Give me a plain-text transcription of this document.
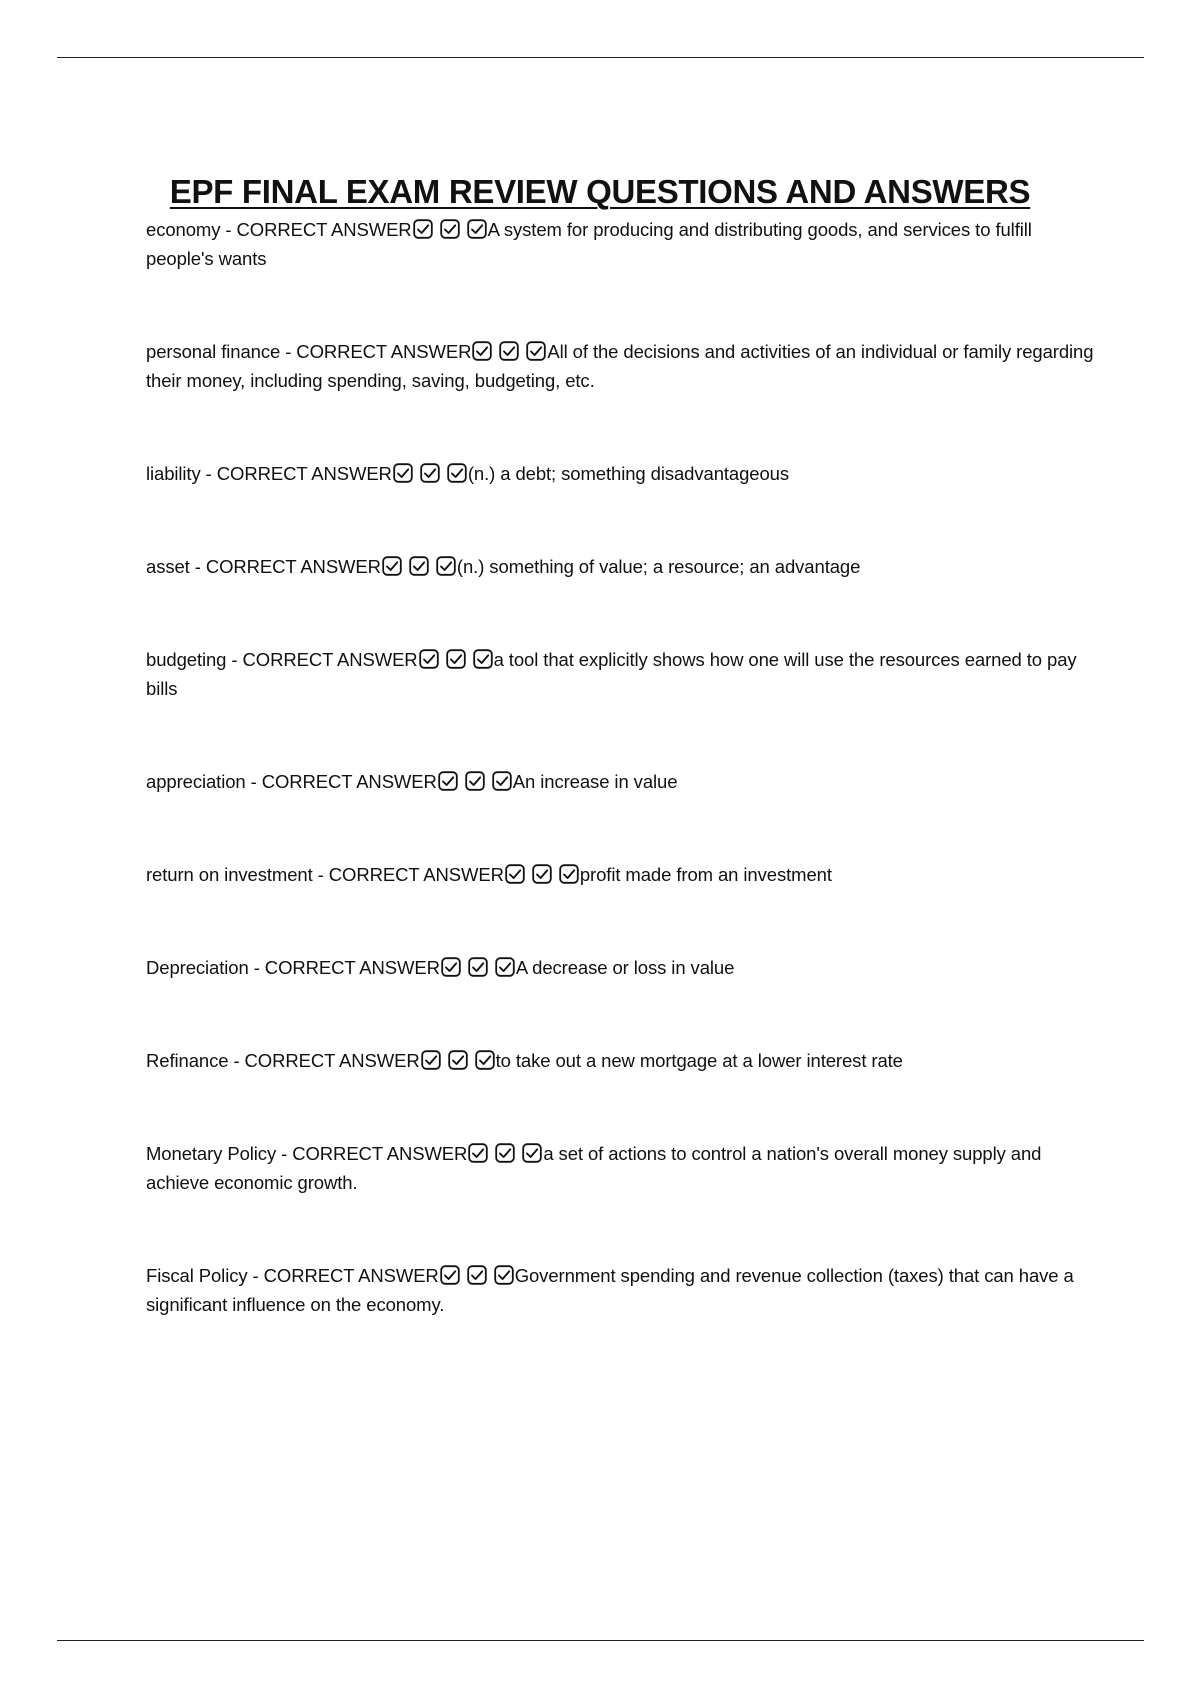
EPF FINAL EXAM REVIEW QUESTIONS AND ANSWERS

economy - CORRECT ANSWER	A system for producing and distributing goods, and services to fulfill people's wants

personal finance - CORRECT ANSWER	All of the decisions and activities of an individual or family regarding their money, including spending, saving, budgeting, etc.

liability - CORRECT ANSWER	(n.) a debt; something disadvantageous

asset - CORRECT ANSWER	(n.) something of value; a resource; an advantage

budgeting - CORRECT ANSWER	a tool that explicitly shows how one will use the resources earned to pay bills

appreciation - CORRECT ANSWER	An increase in value

return on investment - CORRECT ANSWER	profit made from an investment

Depreciation - CORRECT ANSWER	A decrease or loss in value

Refinance - CORRECT ANSWER	to take out a new mortgage at a lower interest rate

Monetary Policy - CORRECT ANSWER	a set of actions to control a nation's overall money supply and achieve economic growth.

Fiscal Policy - CORRECT ANSWER	Government spending and revenue collection (taxes) that can have a significant influence on the economy.
